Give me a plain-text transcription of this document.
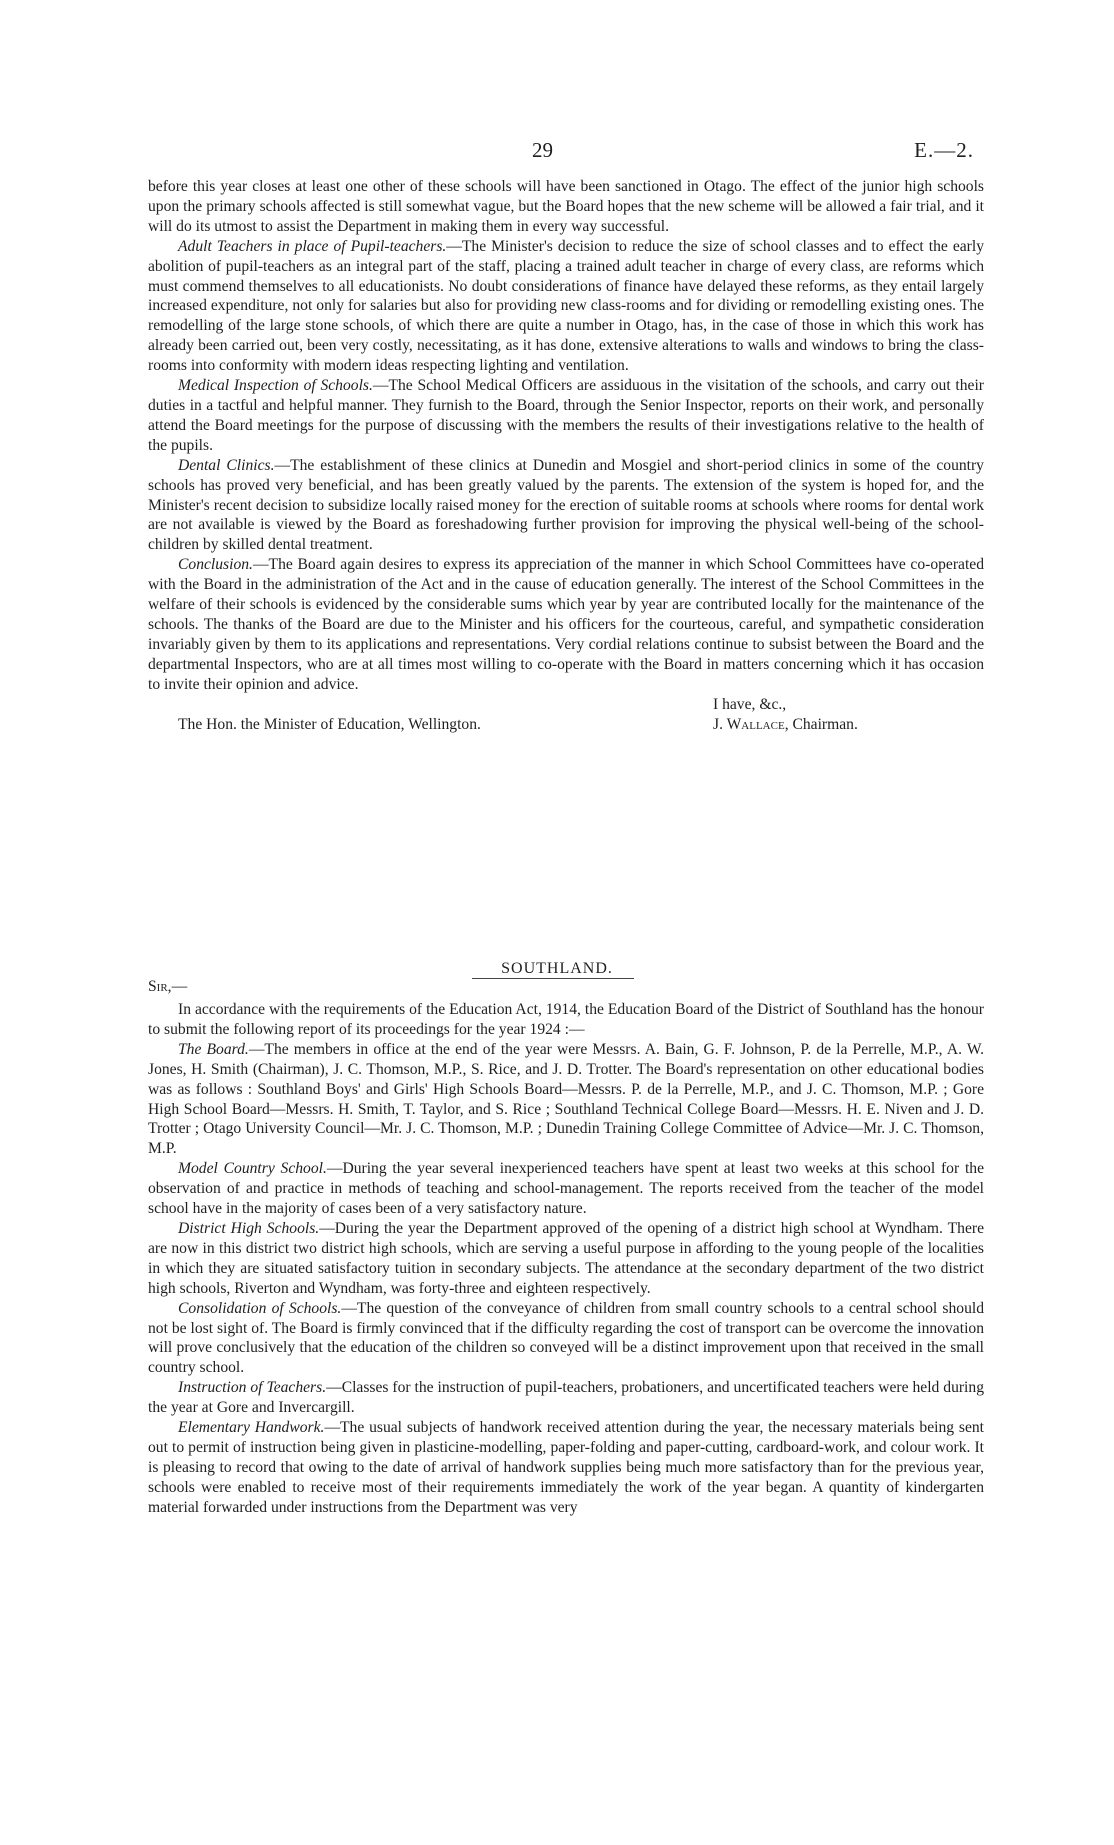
29	E.—2.

before this year closes at least one other of these schools will have been sanctioned in Otago. The effect of the junior high schools upon the primary schools affected is still somewhat vague, but the Board hopes that the new scheme will be allowed a fair trial, and it will do its utmost to assist the Department in making them in every way successful.

Adult Teachers in place of Pupil-teachers.—The Minister's decision to reduce the size of school classes and to effect the early abolition of pupil-teachers as an integral part of the staff, placing a trained adult teacher in charge of every class, are reforms which must commend themselves to all educationists. No doubt considerations of finance have delayed these reforms, as they entail largely increased expenditure, not only for salaries but also for providing new class-rooms and for dividing or remodelling existing ones. The remodelling of the large stone schools, of which there are quite a number in Otago, has, in the case of those in which this work has already been carried out, been very costly, necessitating, as it has done, extensive alterations to walls and windows to bring the class-rooms into conformity with modern ideas respecting lighting and ventilation.

Medical Inspection of Schools.—The School Medical Officers are assiduous in the visitation of the schools, and carry out their duties in a tactful and helpful manner. They furnish to the Board, through the Senior Inspector, reports on their work, and personally attend the Board meetings for the purpose of discussing with the members the results of their investigations relative to the health of the pupils.

Dental Clinics.—The establishment of these clinics at Dunedin and Mosgiel and short-period clinics in some of the country schools has proved very beneficial, and has been greatly valued by the parents. The extension of the system is hoped for, and the Minister's recent decision to subsidize locally raised money for the erection of suitable rooms at schools where rooms for dental work are not available is viewed by the Board as foreshadowing further provision for improving the physical well-being of the school-children by skilled dental treatment.

Conclusion.—The Board again desires to express its appreciation of the manner in which School Committees have co-operated with the Board in the administration of the Act and in the cause of education generally. The interest of the School Committees in the welfare of their schools is evidenced by the considerable sums which year by year are contributed locally for the maintenance of the schools. The thanks of the Board are due to the Minister and his officers for the courteous, careful, and sympathetic consideration invariably given by them to its applications and representations. Very cordial relations continue to subsist between the Board and the departmental Inspectors, who are at all times most willing to co-operate with the Board in matters concerning which it has occasion to invite their opinion and advice.

I have, &c.,
The Hon. the Minister of Education, Wellington.	J. Wallace, Chairman.
SOUTHLAND.
Sir,—

In accordance with the requirements of the Education Act, 1914, the Education Board of the District of Southland has the honour to submit the following report of its proceedings for the year 1924 :—

The Board.—The members in office at the end of the year were Messrs. A. Bain, G. F. Johnson, P. de la Perrelle, M.P., A. W. Jones, H. Smith (Chairman), J. C. Thomson, M.P., S. Rice, and J. D. Trotter. The Board's representation on other educational bodies was as follows : Southland Boys' and Girls' High Schools Board—Messrs. P. de la Perrelle, M.P., and J. C. Thomson, M.P. ; Gore High School Board—Messrs. H. Smith, T. Taylor, and S. Rice ; Southland Technical College Board—Messrs. H. E. Niven and J. D. Trotter ; Otago University Council—Mr. J. C. Thomson, M.P. ; Dunedin Training College Committee of Advice—Mr. J. C. Thomson, M.P.

Model Country School.—During the year several inexperienced teachers have spent at least two weeks at this school for the observation of and practice in methods of teaching and school-management. The reports received from the teacher of the model school have in the majority of cases been of a very satisfactory nature.

District High Schools.—During the year the Department approved of the opening of a district high school at Wyndham. There are now in this district two district high schools, which are serving a useful purpose in affording to the young people of the localities in which they are situated satisfactory tuition in secondary subjects. The attendance at the secondary department of the two district high schools, Riverton and Wyndham, was forty-three and eighteen respectively.

Consolidation of Schools.—The question of the conveyance of children from small country schools to a central school should not be lost sight of. The Board is firmly convinced that if the difficulty regarding the cost of transport can be overcome the innovation will prove conclusively that the education of the children so conveyed will be a distinct improvement upon that received in the small country school.

Instruction of Teachers.—Classes for the instruction of pupil-teachers, probationers, and uncertificated teachers were held during the year at Gore and Invercargill.

Elementary Handwork.—The usual subjects of handwork received attention during the year, the necessary materials being sent out to permit of instruction being given in plasticine-modelling, paper-folding and paper-cutting, cardboard-work, and colour work. It is pleasing to record that owing to the date of arrival of handwork supplies being much more satisfactory than for the previous year, schools were enabled to receive most of their requirements immediately the work of the year began. A quantity of kindergarten material forwarded under instructions from the Department was very
